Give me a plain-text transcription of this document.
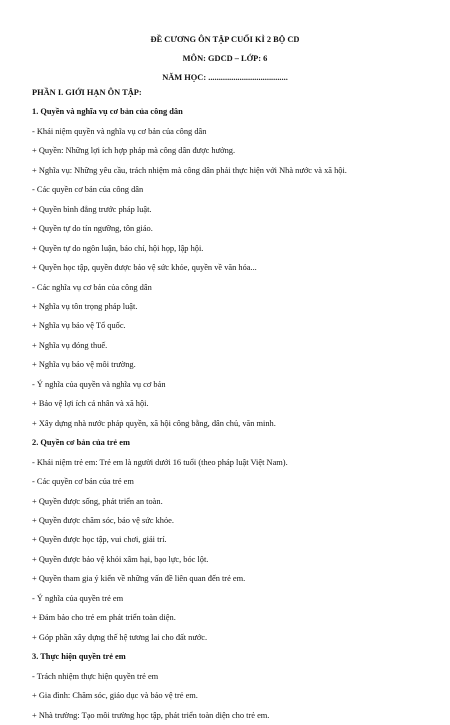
ĐỀ CƯƠNG ÔN TẬP CUỐI KÌ 2 BỘ CD
MÔN: GDCD – LỚP: 6
NĂM HỌC: ......................................
PHẦN I. GIỚI HẠN ÔN TẬP:
1. Quyền và nghĩa vụ cơ bản của công dân
- Khái niệm quyền và nghĩa vụ cơ bản của công dân
+ Quyền: Những lợi ích hợp pháp mà công dân được hưởng.
+ Nghĩa vụ: Những yêu cầu, trách nhiệm mà công dân phải thực hiện với Nhà nước và xã hội.
- Các quyền cơ bản của công dân
+ Quyền bình đẳng trước pháp luật.
+ Quyền tự do tín ngưỡng, tôn giáo.
+ Quyền tự do ngôn luận, báo chí, hội họp, lập hội.
+ Quyền học tập, quyền được bảo vệ sức khỏe, quyền về văn hóa...
- Các nghĩa vụ cơ bản của công dân
+ Nghĩa vụ tôn trọng pháp luật.
+ Nghĩa vụ bảo vệ Tổ quốc.
+ Nghĩa vụ đóng thuế.
+ Nghĩa vụ bảo vệ môi trường.
- Ý nghĩa của quyền và nghĩa vụ cơ bản
+ Bảo vệ lợi ích cá nhân và xã hội.
+ Xây dựng nhà nước pháp quyền, xã hội công bằng, dân chủ, văn minh.
2. Quyền cơ bản của trẻ em
- Khái niệm trẻ em: Trẻ em là người dưới 16 tuổi (theo pháp luật Việt Nam).
- Các quyền cơ bản của trẻ em
+ Quyền được sống, phát triển an toàn.
+ Quyền được chăm sóc, bảo vệ sức khỏe.
+ Quyền được học tập, vui chơi, giải trí.
+ Quyền được bảo vệ khỏi xâm hại, bạo lực, bóc lột.
+ Quyền tham gia ý kiến về những vấn đề liên quan đến trẻ em.
- Ý nghĩa của quyền trẻ em
+ Đảm bảo cho trẻ em phát triển toàn diện.
+ Góp phần xây dựng thế hệ tương lai cho đất nước.
3. Thực hiện quyền trẻ em
- Trách nhiệm thực hiện quyền trẻ em
+ Gia đình: Chăm sóc, giáo dục và bảo vệ trẻ em.
+ Nhà trường: Tạo môi trường học tập, phát triển toàn diện cho trẻ em.
